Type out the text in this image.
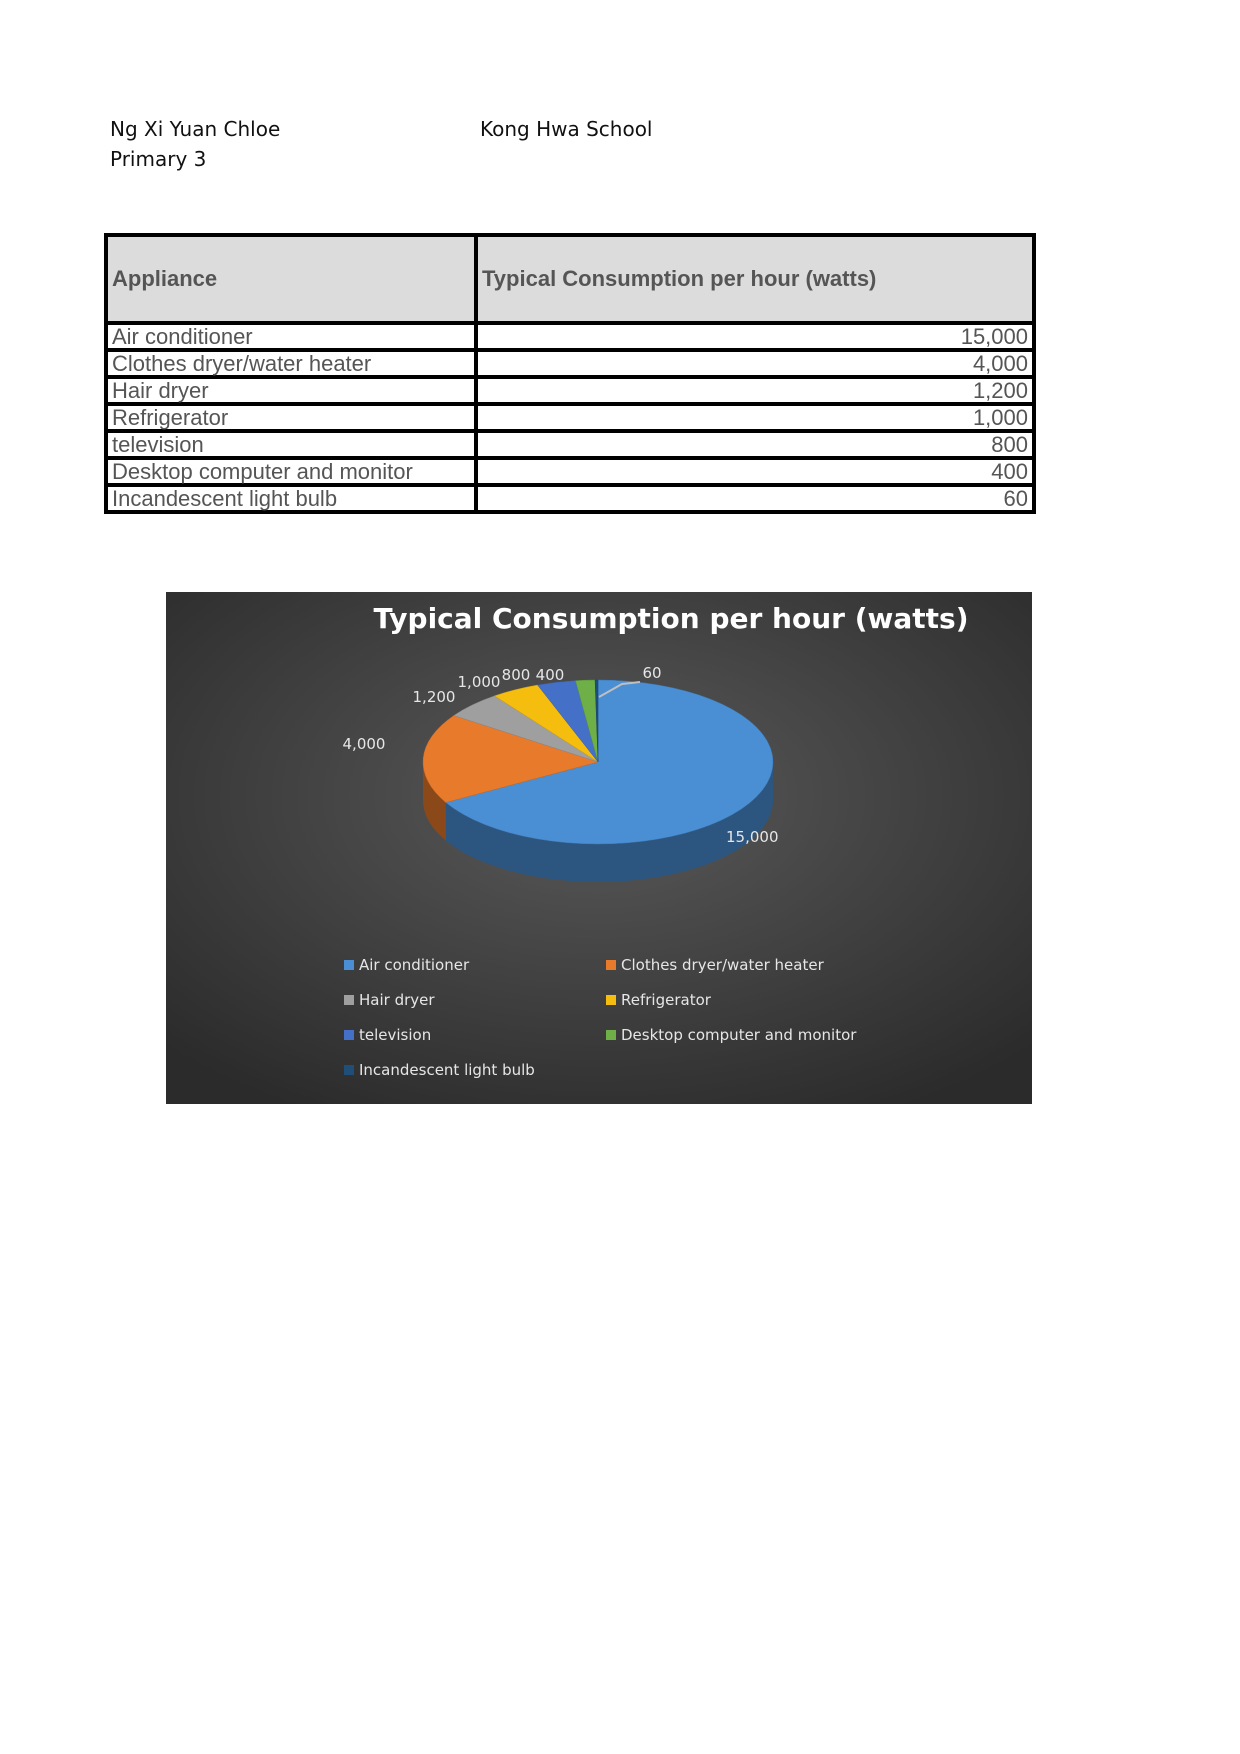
Ng Xi Yuan Chloe
Primary 3
Kong Hwa School
Appliance	Typical Consumption per hour (watts)
Air conditioner	15,000
Clothes dryer/water heater	4,000
Hair dryer	1,200
Refrigerator	1,000
television	800
Desktop computer and monitor	400
Incandescent light bulb	60
Typical Consumption per hour (watts)
15,000
4,000
1,200
1,000 800 400	60
Air conditioner	Clothes dryer/water heater
Hair dryer	Refrigerator
television	Desktop computer and monitor
Incandescent light bulb
